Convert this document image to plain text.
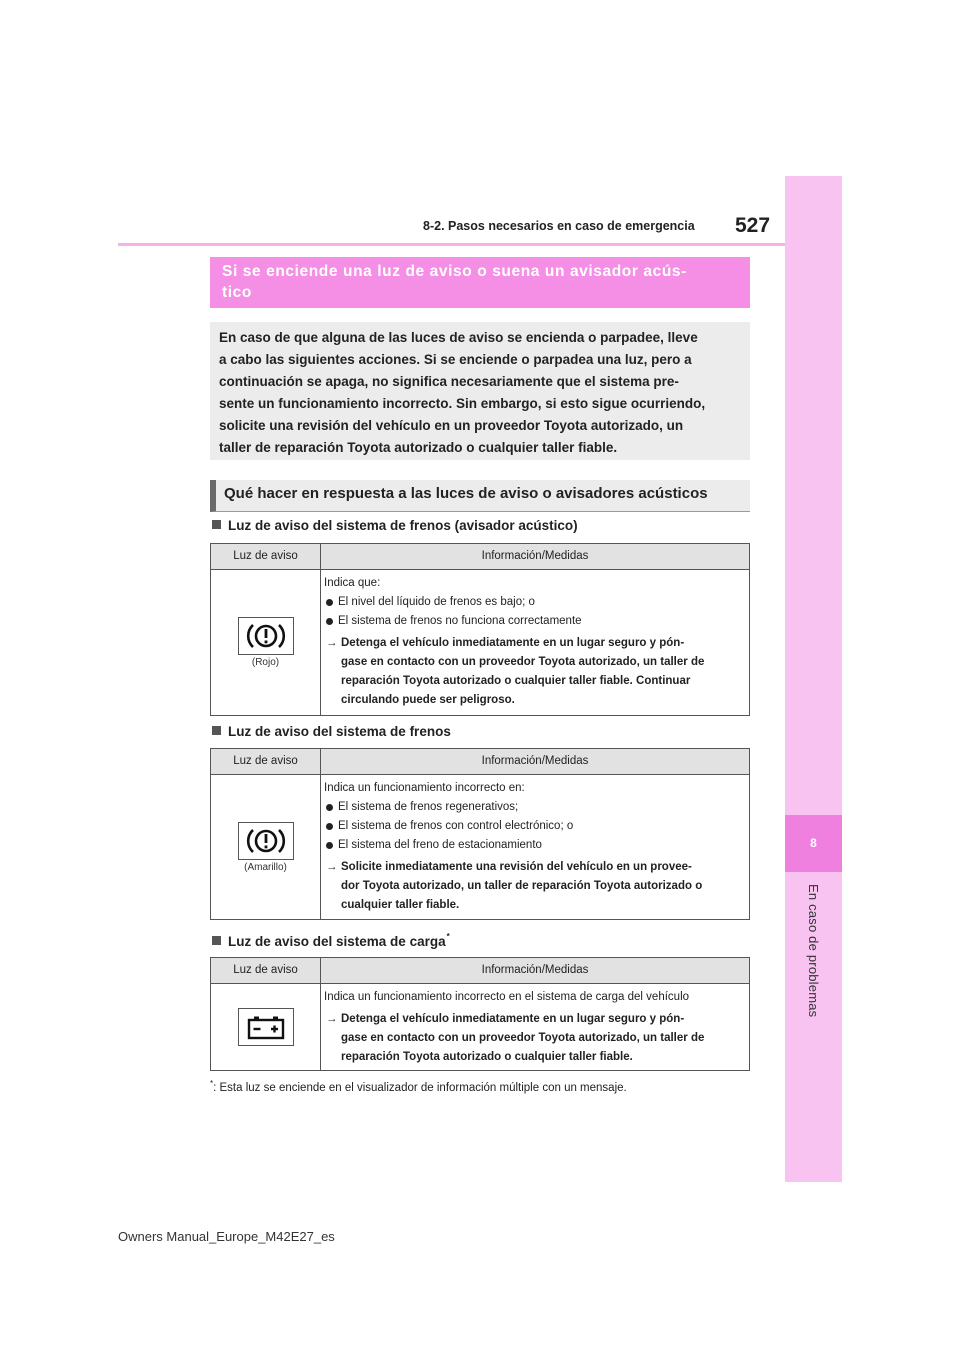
8-2. Pasos necesarios en caso de emergencia 527
8
En caso de problemas
Si se enciende una luz de aviso o suena un avisador acús-
tico
En caso de que alguna de las luces de aviso se encienda o parpadee, lleve
a cabo las siguientes acciones. Si se enciende o parpadea una luz, pero a
continuación se apaga, no significa necesariamente que el sistema pre-
sente un funcionamiento incorrecto. Sin embargo, si esto sigue ocurriendo,
solicite una revisión del vehículo en un proveedor Toyota autorizado, un
taller de reparación Toyota autorizado o cualquier taller fiable.
Qué hacer en respuesta a las luces de aviso o avisadores acústicos
Luz de aviso del sistema de frenos (avisador acústico)
Luz de aviso	Información/Medidas
(Rojo)
Indica que:
El nivel del líquido de frenos es bajo; o
El sistema de frenos no funciona correctamente
→ Detenga el vehículo inmediatamente en un lugar seguro y pón-
gase en contacto con un proveedor Toyota autorizado, un taller de
reparación Toyota autorizado o cualquier taller fiable. Continuar
circulando puede ser peligroso.
Luz de aviso del sistema de frenos
Luz de aviso	Información/Medidas
(Amarillo)
Indica un funcionamiento incorrecto en:
El sistema de frenos regenerativos;
El sistema de frenos con control electrónico; o
El sistema del freno de estacionamiento
→ Solicite inmediatamente una revisión del vehículo en un provee-
dor Toyota autorizado, un taller de reparación Toyota autorizado o
cualquier taller fiable.
Luz de aviso del sistema de carga*
Luz de aviso	Información/Medidas
Indica un funcionamiento incorrecto en el sistema de carga del vehículo
→ Detenga el vehículo inmediatamente en un lugar seguro y pón-
gase en contacto con un proveedor Toyota autorizado, un taller de
reparación Toyota autorizado o cualquier taller fiable.
*: Esta luz se enciende en el visualizador de información múltiple con un mensaje.
Owners Manual_Europe_M42E27_es
